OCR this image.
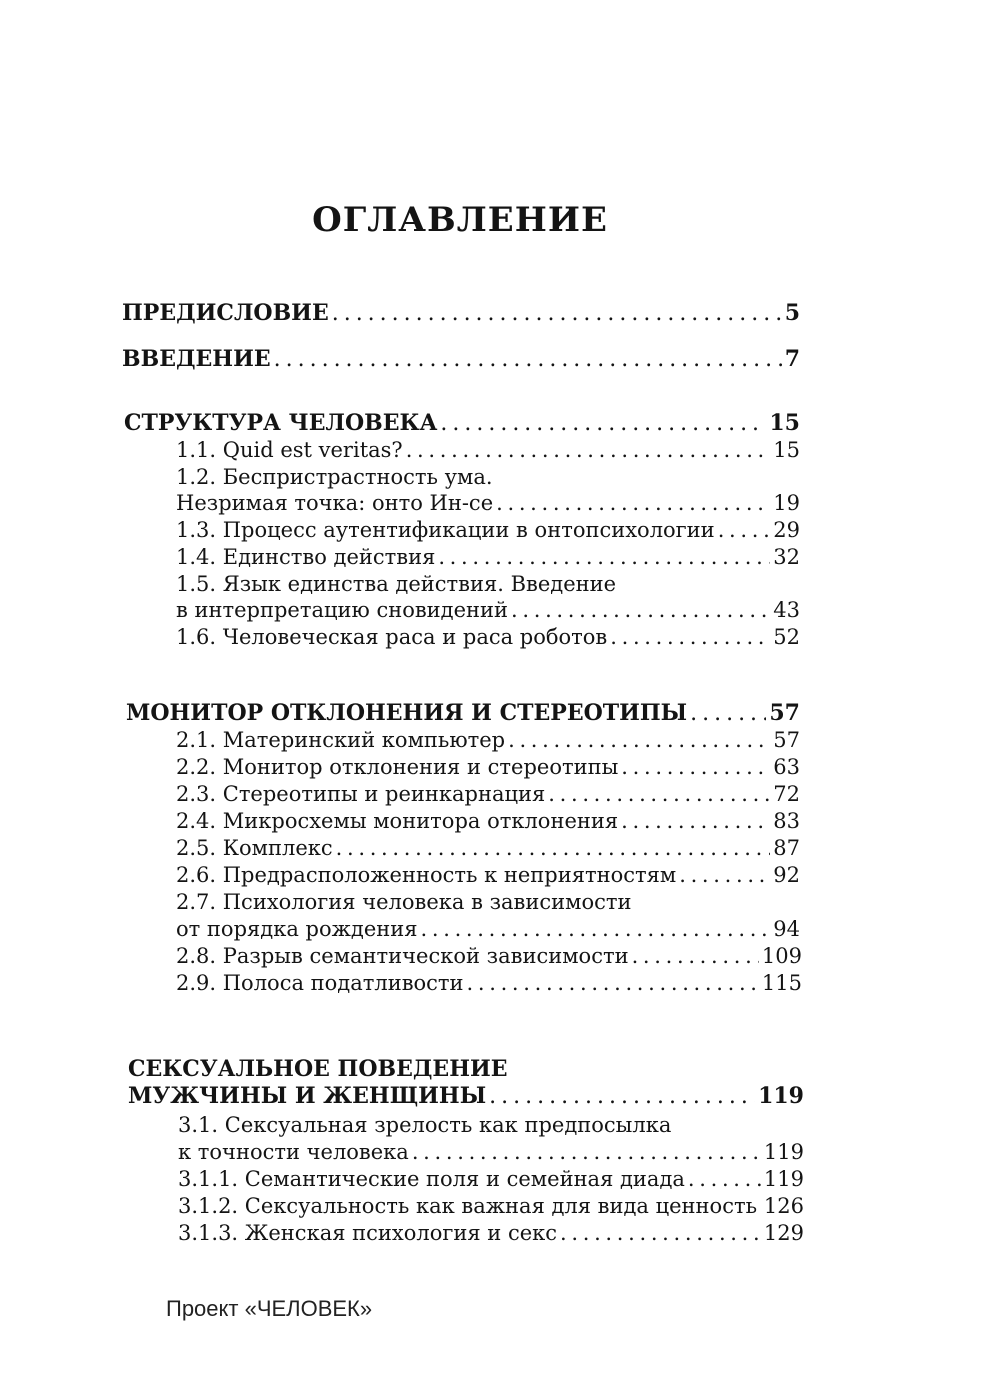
ОГЛАВЛЕНИЕ
ПРЕДИСЛОВИЕ . . .	5
ВВЕДЕНИЕ . . .	7
СТРУКТУРА ЧЕЛОВЕКА . . .	15
1.1. Quid est veritas? . . .	15
1.2. Беспристрастность ума.
Незримая точка: онто Ин-се . . .	19
1.3. Процесс аутентификации в онтопсихологии . . .	29
1.4. Единство действия . . .	32
1.5. Язык единства действия. Введение
в интерпретацию сновидений . . .	43
1.6. Человеческая раса и раса роботов . . .	52
МОНИТОР ОТКЛОНЕНИЯ И СТЕРЕОТИПЫ . . .	57
2.1. Материнский компьютер . . .	57
2.2. Монитор отклонения и стереотипы . . .	63
2.3. Стереотипы и реинкарнация . . .	72
2.4. Микросхемы монитора отклонения . . .	83
2.5. Комплекс . . .	87
2.6. Предрасположенность к неприятностям . . .	92
2.7. Психология человека в зависимости
от порядка рождения . . .	94
2.8. Разрыв семантической зависимости . . .	109
2.9. Полоса податливости . . .	115
СЕКСУАЛЬНОЕ ПОВЕДЕНИЕ
МУЖЧИНЫ И ЖЕНЩИНЫ . . .	119
3.1. Сексуальная зрелость как предпосылка
к точности человека . . .	119
3.1.1. Семантические поля и семейная диада . . .	119
3.1.2. Сексуальность как важная для вида ценность . . . 126
3.1.3. Женская психология и секс . . .	129
Проект «ЧЕЛОВЕК»
